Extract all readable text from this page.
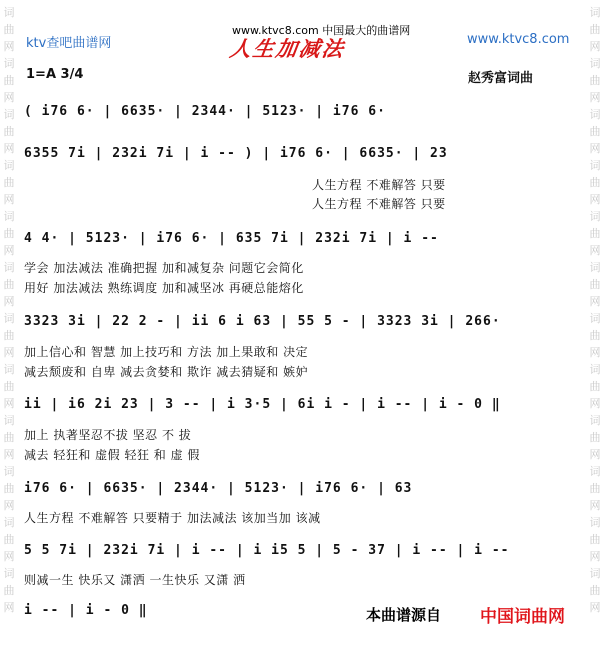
词
曲
网
词
曲
网
词
曲
网
词
曲
网
词
曲
网
词
曲
网
词
曲
网
词
曲
网
词
曲
网
词
曲
网
词
曲
网
词
曲
网
词
曲
网
词
曲
网
词
曲
网
词
曲
网
词
曲
网
词
曲
网
词
曲
网
词
曲
网
词
曲
网
词
曲
网
词
曲
网
词
曲
网
ktv查吧曲谱网
www.ktvc8.com 中国最大的曲谱网
人生加减法	www.ktvc8.com
1=A 3/4	赵秀富词曲
( i76 6· | 6635· | 2344· | 5123· | i76 6·
6355 7i | 232i 7i | i -- ) | i76 6· | 6635· | 23
人生方程 不难解答 只要
人生方程 不难解答 只要
4 4· | 5123· | i76 6· | 635 7i | 232i 7i | i --
学会 加法减法 准确把握 加和减复杂 问题它会简化
用好 加法减法 熟练调度 加和减坚冰 再硬总能熔化
3323 3i | 22 2 - | ii 6 i 63 | 55 5 - | 3323 3i | 266·
加上信心和 智慧 加上技巧和 方法 加上果敢和 决定
减去颓废和 自卑 减去贪婪和 欺诈 减去猜疑和 嫉妒
ii | i6 2i 23 | 3 -- | i 3·5 | 6i i - | i -- | i - 0 ‖
加上 执著坚忍不拔 坚忍 不 拔
减去 轻狂和 虚假 轻狂 和 虚 假
i76 6· | 6635· | 2344· | 5123· | i76 6· | 63
人生方程 不难解答 只要精于 加法减法 该加当加 该减
5 5 7i | 232i 7i | i -- | i i5 5 | 5 - 37 | i -- | i --
则减一生 快乐又 潇洒 一生快乐 又潇 洒
i -- | i - 0 ‖	本曲谱源自 中国词曲网
